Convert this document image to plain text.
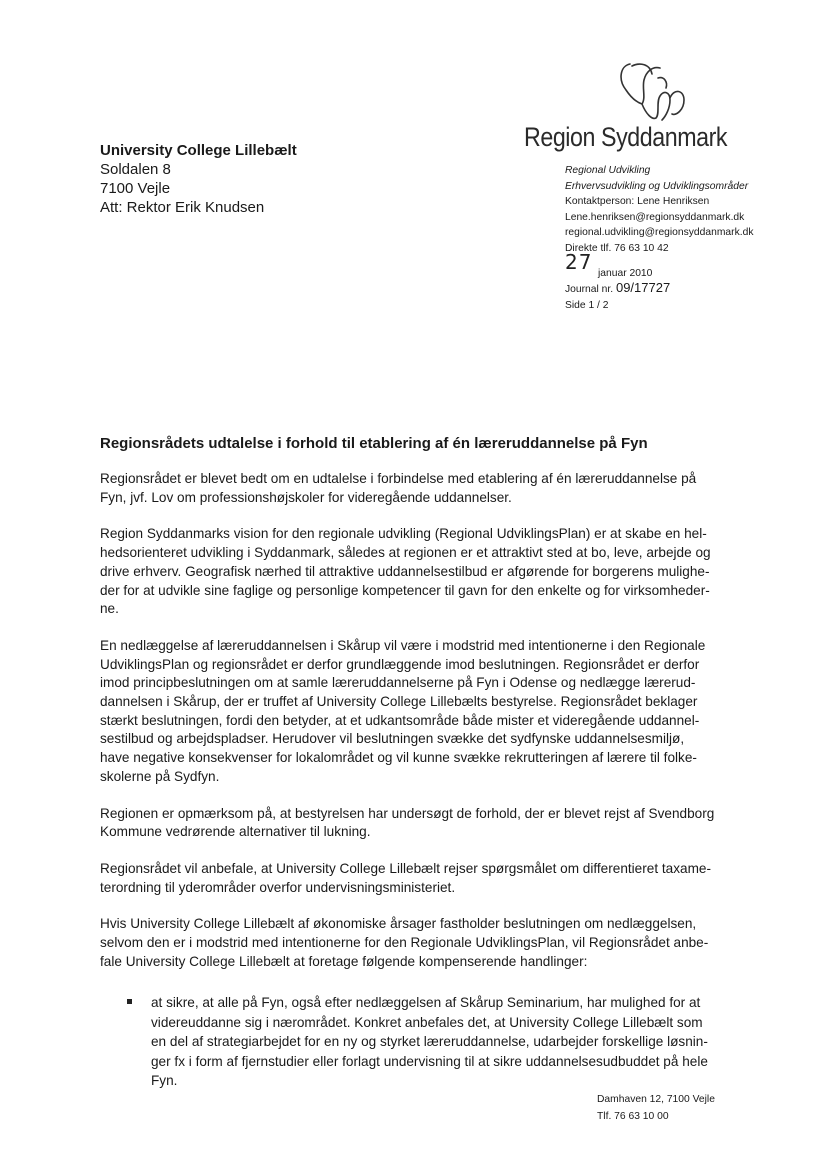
Region Syddanmark
University College Lillebælt
Soldalen 8
7100 Vejle
Att: Rektor Erik Knudsen
Regional Udvikling
Erhvervsudvikling og Udviklingsområder
Kontaktperson: Lene Henriksen
Lene.henriksen@regionsyddanmark.dk
regional.udvikling@regionsyddanmark.dk
Direkte tlf. 76 63 10 42
27 januar 2010
Journal nr. 09/17727
Side 1 / 2
Regionsrådets udtalelse i forhold til etablering af én læreruddannelse på Fyn
Regionsrådet er blevet bedt om en udtalelse i forbindelse med etablering af én læreruddannelse på
Fyn, jvf. Lov om professionshøjskoler for videregående uddannelser.
Region Syddanmarks vision for den regionale udvikling (Regional UdviklingsPlan) er at skabe en hel-
hedsorienteret udvikling i Syddanmark, således at regionen er et attraktivt sted at bo, leve, arbejde og
drive erhverv. Geografisk nærhed til attraktive uddannelsestilbud er afgørende for borgerens mulighe-
der for at udvikle sine faglige og personlige kompetencer til gavn for den enkelte og for virksomheder-
ne.
En nedlæggelse af læreruddannelsen i Skårup vil være i modstrid med intentionerne i den Regionale
UdviklingsPlan og regionsrådet er derfor grundlæggende imod beslutningen. Regionsrådet er derfor
imod principbeslutningen om at samle læreruddannelserne på Fyn i Odense og nedlægge lærerud-
dannelsen i Skårup, der er truffet af University College Lillebælts bestyrelse. Regionsrådet beklager
stærkt beslutningen, fordi den betyder, at et udkantsområde både mister et videregående uddannel-
sestilbud og arbejdspladser. Herudover vil beslutningen svække det sydfynske uddannelsesmiljø,
have negative konsekvenser for lokalområdet og vil kunne svække rekrutteringen af lærere til folke-
skolerne på Sydfyn.
Regionen er opmærksom på, at bestyrelsen har undersøgt de forhold, der er blevet rejst af Svendborg
Kommune vedrørende alternativer til lukning.
Regionsrådet vil anbefale, at University College Lillebælt rejser spørgsmålet om differentieret taxame-
terordning til yderområder overfor undervisningsministeriet.
Hvis University College Lillebælt af økonomiske årsager fastholder beslutningen om nedlæggelsen,
selvom den er i modstrid med intentionerne for den Regionale UdviklingsPlan, vil Regionsrådet anbe-
fale University College Lillebælt at foretage følgende kompenserende handlinger:
at sikre, at alle på Fyn, også efter nedlæggelsen af Skårup Seminarium, har mulighed for at
videreuddanne sig i nærområdet. Konkret anbefales det, at University College Lillebælt som
en del af strategiarbejdet for en ny og styrket læreruddannelse, udarbejder forskellige løsnin-
ger fx i form af fjernstudier eller forlagt undervisning til at sikre uddannelsesudbuddet på hele
Fyn.
Damhaven 12, 7100 Vejle
Tlf. 76 63 10 00
